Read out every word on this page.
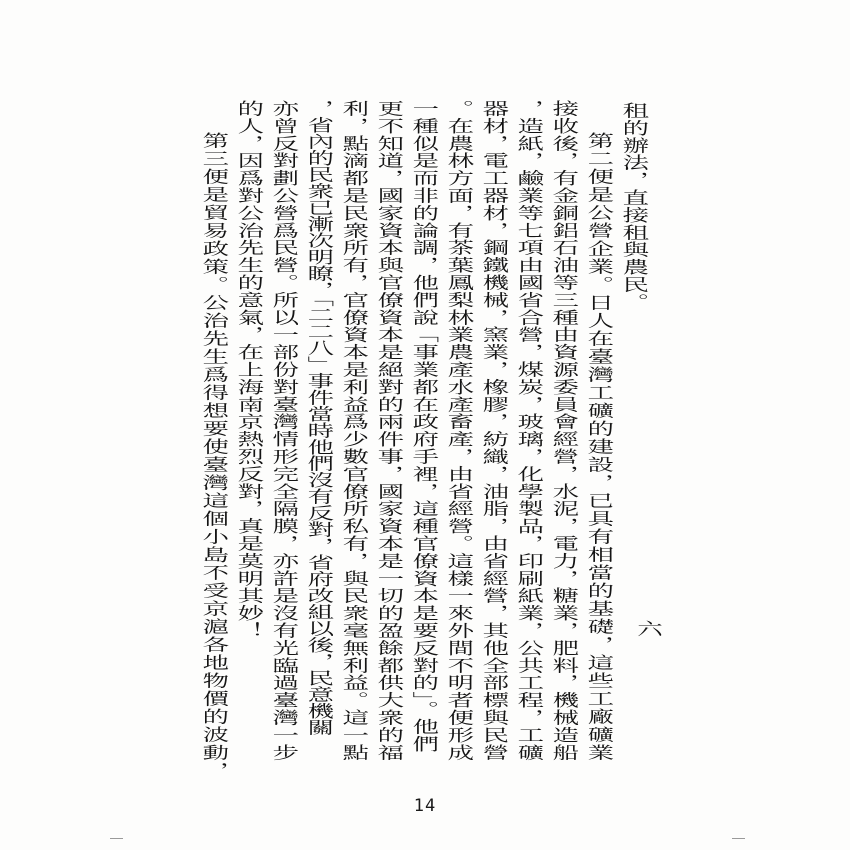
六
租的辦法，直接租與農民。
第二便是公營企業。日人在臺灣工礦的建設，已具有相當的基礎，這些工廠礦業
接收後，有金銅鋁石油等三種由資源委員會經營，水泥，電力，糖業，肥料，機械造船
，造紙，鹼業等七項由國省合營，煤炭，玻璃，化學製品，印刷紙業，公共工程，工礦
器材，電工器材，鋼鐵機械，窯業，橡膠，紡織，油脂，由省經營，其他全部標與民營
。在農林方面，有茶葉鳳梨林業農產水產畜產，由省經營。這樣一來外間不明者便形成
一種似是而非的論調，他們說「事業都在政府手裡，這種官僚資本是要反對的」。他們
更不知道，國家資本與官僚資本是絕對的兩件事，國家資本是一切的盈餘都供大衆的福
利，點滴都是民衆所有，官僚資本是利益爲少數官僚所私有，與民衆毫無利益。這一點
，省內的民衆已漸次明瞭，「二二八」事件當時他們沒有反對，省府改組以後，民意機關
亦曾反對劃公營爲民營。所以一部份對臺灣情形完全隔膜，亦許是沒有光臨過臺灣一步
的人，因爲對公治先生的意氣，在上海南京熱烈反對，真是莫明其妙！
第三便是貿易政策。公治先生爲得想要使臺灣這個小島不受京滬各地物價的波動，
14
